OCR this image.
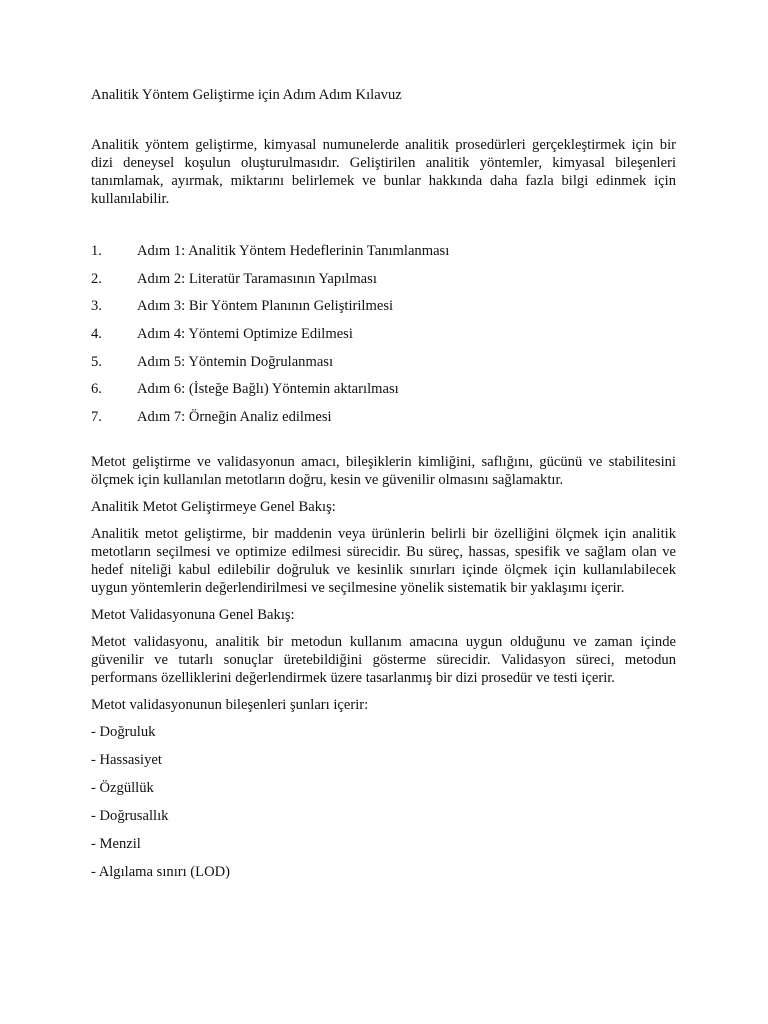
Analitik Yöntem Geliştirme için Adım Adım Kılavuz

Analitik yöntem geliştirme, kimyasal numunelerde analitik prosedürleri gerçekleştirmek için bir dizi deneysel koşulun oluşturulmasıdır. Geliştirilen analitik yöntemler, kimyasal bileşenleri tanımlamak, ayırmak, miktarını belirlemek ve bunlar hakkında daha fazla bilgi edinmek için kullanılabilir.

1.	Adım 1: Analitik Yöntem Hedeflerinin Tanımlanması
2.	Adım 2: Literatür Taramasının Yapılması
3.	Adım 3: Bir Yöntem Planının Geliştirilmesi
4.	Adım 4: Yöntemi Optimize Edilmesi
5.	Adım 5: Yöntemin Doğrulanması
6.	Adım 6: (İsteğe Bağlı) Yöntemin aktarılması
7.	Adım 7: Örneğin Analiz edilmesi

Metot geliştirme ve validasyonun amacı, bileşiklerin kimliğini, saflığını, gücünü ve stabilitesini ölçmek için kullanılan metotların doğru, kesin ve güvenilir olmasını sağlamaktır.

Analitik Metot Geliştirmeye Genel Bakış:

Analitik metot geliştirme, bir maddenin veya ürünlerin belirli bir özelliğini ölçmek için analitik metotların seçilmesi ve optimize edilmesi sürecidir. Bu süreç, hassas, spesifik ve sağlam olan ve hedef niteliği kabul edilebilir doğruluk ve kesinlik sınırları içinde ölçmek için kullanılabilecek uygun yöntemlerin değerlendirilmesi ve seçilmesine yönelik sistematik bir yaklaşımı içerir.

Metot Validasyonuna Genel Bakış:

Metot validasyonu, analitik bir metodun kullanım amacına uygun olduğunu ve zaman içinde güvenilir ve tutarlı sonuçlar üretebildiğini gösterme sürecidir. Validasyon süreci, metodun performans özelliklerini değerlendirmek üzere tasarlanmış bir dizi prosedür ve testi içerir.

Metot validasyonunun bileşenleri şunları içerir:

- Doğruluk
- Hassasiyet
- Özgüllük
- Doğrusallık
- Menzil
- Algılama sınırı (LOD)
